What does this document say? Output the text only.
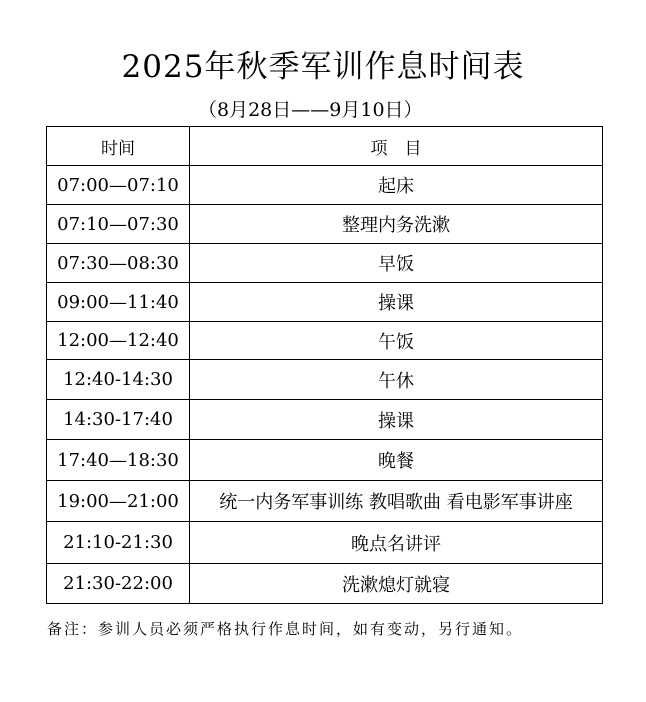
2025年秋季军训作息时间表
（8月28日——9月10日）
时间	项　目
07:00—07:10	起床
07:10—07:30	整理内务洗漱
07:30—08:30	早饭
09:00—11:40	操课
12:00—12:40	午饭
12:40-14:30	午休
14:30-17:40	操课
17:40—18:30	晚餐
19:00—21:00	统一内务军事训练 教唱歌曲 看电影军事讲座
21:10-21:30	晚点名讲评
21:30-22:00	洗漱熄灯就寝
备注：参训人员必须严格执行作息时间，如有变动，另行通知。
